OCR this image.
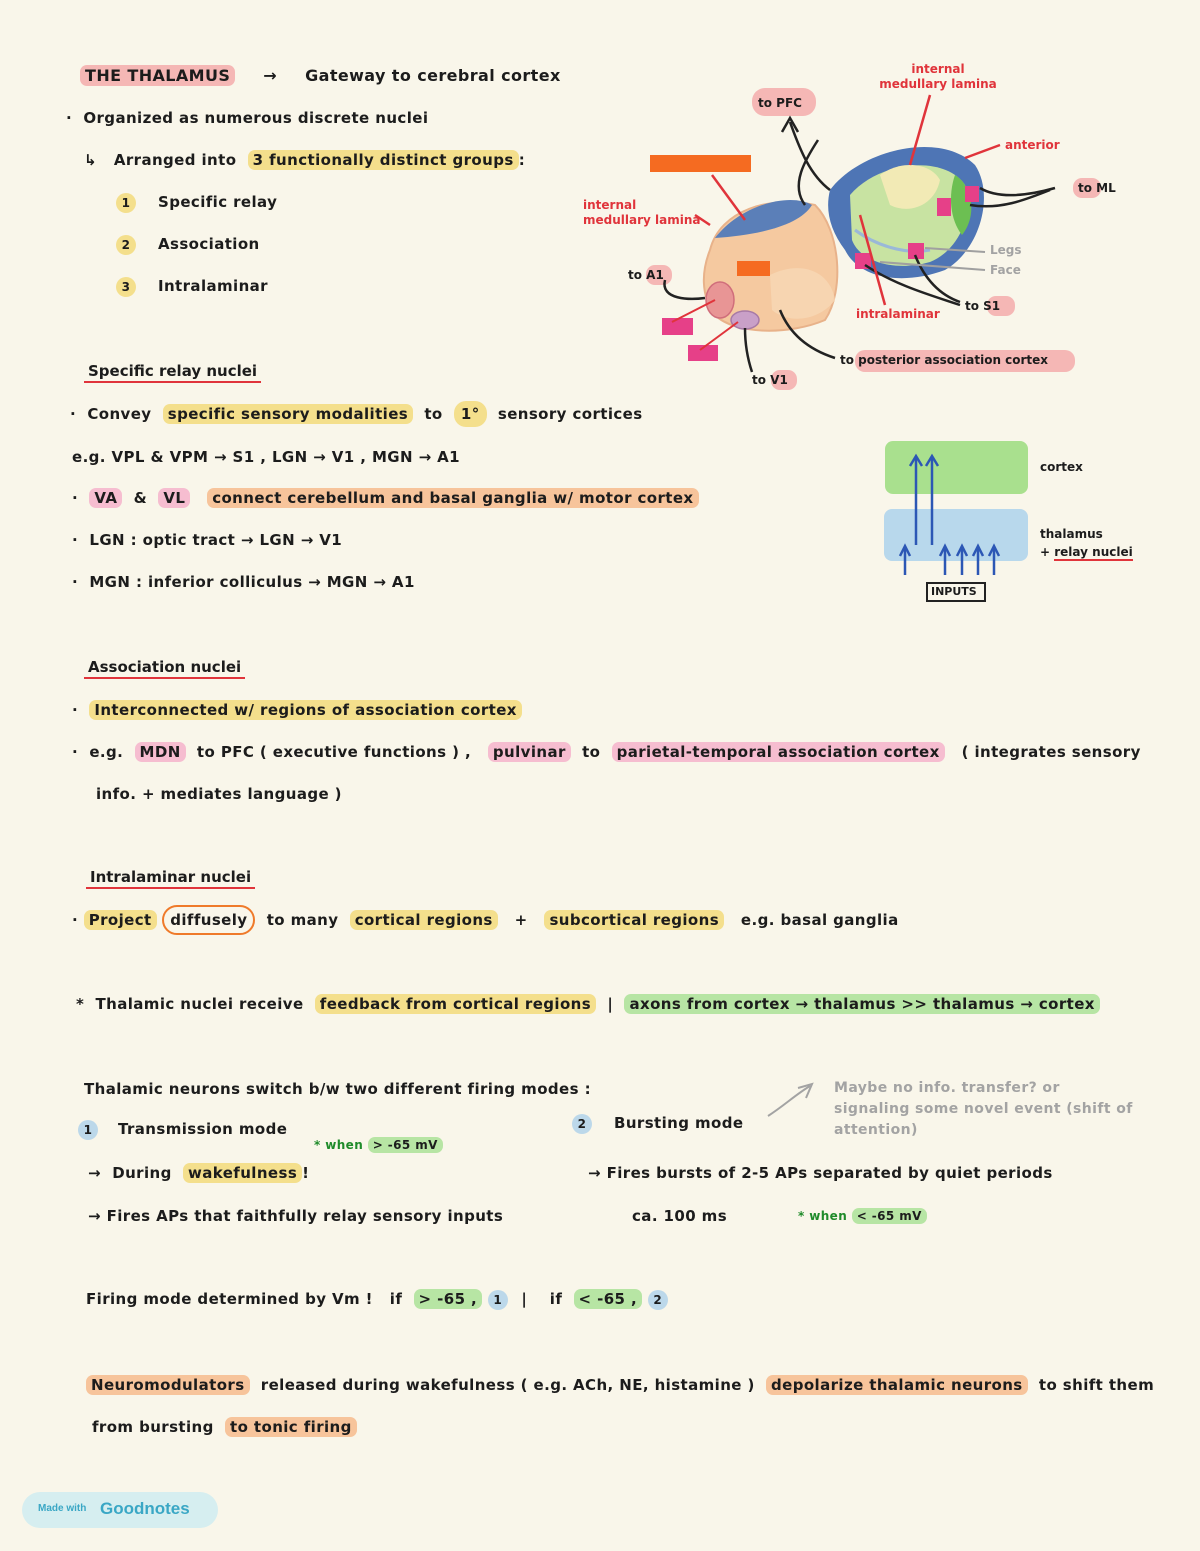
THE THALAMUS → Gateway to cerebral cortex
· Organized as numerous discrete nuclei
↳ Arranged into 3 functionally distinct groups :
1 Specific relay
2 Association
3 Intralaminar
to PFC
internal medullary lamina
anterior
to ML
internal medullary lamina
Legs
Face
to A1
intralaminar
to S1
to V1
to posterior association cortex
cortex
thalamus
+ relay nuclei
INPUTS
Specific relay nuclei
· Convey specific sensory modalities to 1° sensory cortices
e.g. VPL & VPM → S1 , LGN → V1 , MGN → A1
· VA & VL connect cerebellum and basal ganglia w/ motor cortex
· LGN : optic tract → LGN → V1
· MGN : inferior colliculus → MGN → A1
Association nuclei
· Interconnected w/ regions of association cortex
· e.g. MDN to PFC ( executive functions ) , pulvinar to parietal-temporal association cortex ( integrates sensory
info. + mediates language )
Intralaminar nuclei
· Project diffusely to many cortical regions + subcortical regions e.g. basal ganglia
* Thalamic nuclei receive feedback from cortical regions | axons from cortex → thalamus >> thalamus → cortex
Thalamic neurons switch b/w two different firing modes :
1 Transmission mode
* when > -65 mV
→ During wakefulness !
→ Fires APs that faithfully relay sensory inputs
2 Bursting mode
Maybe no info. transfer? or signaling some novel event (shift of attention)
→ Fires bursts of 2-5 APs separated by quiet periods
ca. 100 ms	* when < -65 mV
Firing mode determined by Vm ! if > -65 , 1 | if < -65 , 2
Neuromodulators released during wakefulness ( e.g. ACh, NE, histamine ) depolarize thalamic neurons to shift them
from bursting to tonic firing
Made with Goodnotes
